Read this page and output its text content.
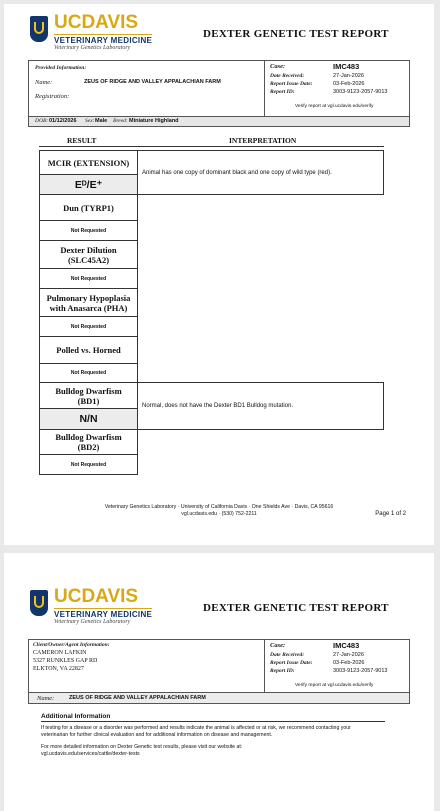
UCDAVIS
VETERINARY MEDICINE
Veterinary Genetics Laboratory
DEXTER GENETIC TEST REPORT
Provided Information:
Name:	ZEUS OF RIDGE AND VALLEY APPALACHIAN FARM
Registration:
Case:	IMC483
Date Received:	27-Jan-2026
Report Issue Date:	03-Feb-2026
Report ID:	3003-9123-2057-9013
Verify report at vgl.ucdavis.edu/verify
DOB: 01/12/2026 Sex: Male Breed: Miniature Highland
RESULT	INTERPRETATION
MCIR (EXTENSION)
Eᴰ/E⁺
Animal has one copy of dominant black and one copy of wild type (red).
Dun (TYRP1)
Not Requested
Dexter Dilution
(SLC45A2)
Not Requested
Pulmonary Hypoplasia
with Anasarca (PHA)
Not Requested
Polled vs. Horned
Not Requested
Bulldog Dwarfism
(BD1)
N/N
Normal, does not have the Dexter BD1 Bulldog mutation.
Bulldog Dwarfism
(BD2)
Not Requested
Veterinary Genetics Laboratory · University of California Davis · One Shields Ave · Davis, CA 95616
vgl.ucdavis.edu · (530) 752-2211	Page 1 of 2
UCDAVIS
VETERINARY MEDICINE
Veterinary Genetics Laboratory
DEXTER GENETIC TEST REPORT
Client/Owner/Agent Information:
CAMERON LAFKIN
5327 RUNKLES GAP RD
ELKTON, VA 22827
Case:	IMC483
Date Received:	27-Jan-2026
Report Issue Date:	03-Feb-2026
Report ID:	3003-9123-2057-9013
Verify report at vgl.ucdavis.edu/verify
Name:	ZEUS OF RIDGE AND VALLEY APPALACHIAN FARM
Additional Information
If testing for a disease or a disorder was performed and results indicate the animal is affected or at risk, we recommend contacting your
veterinarian for further clinical evaluation and for additional information on disease and management.
For more detailed information on Dexter Genetic test results, please visit our website at:
vgl.ucdavis.edu/services/cattle/dexter-tests
